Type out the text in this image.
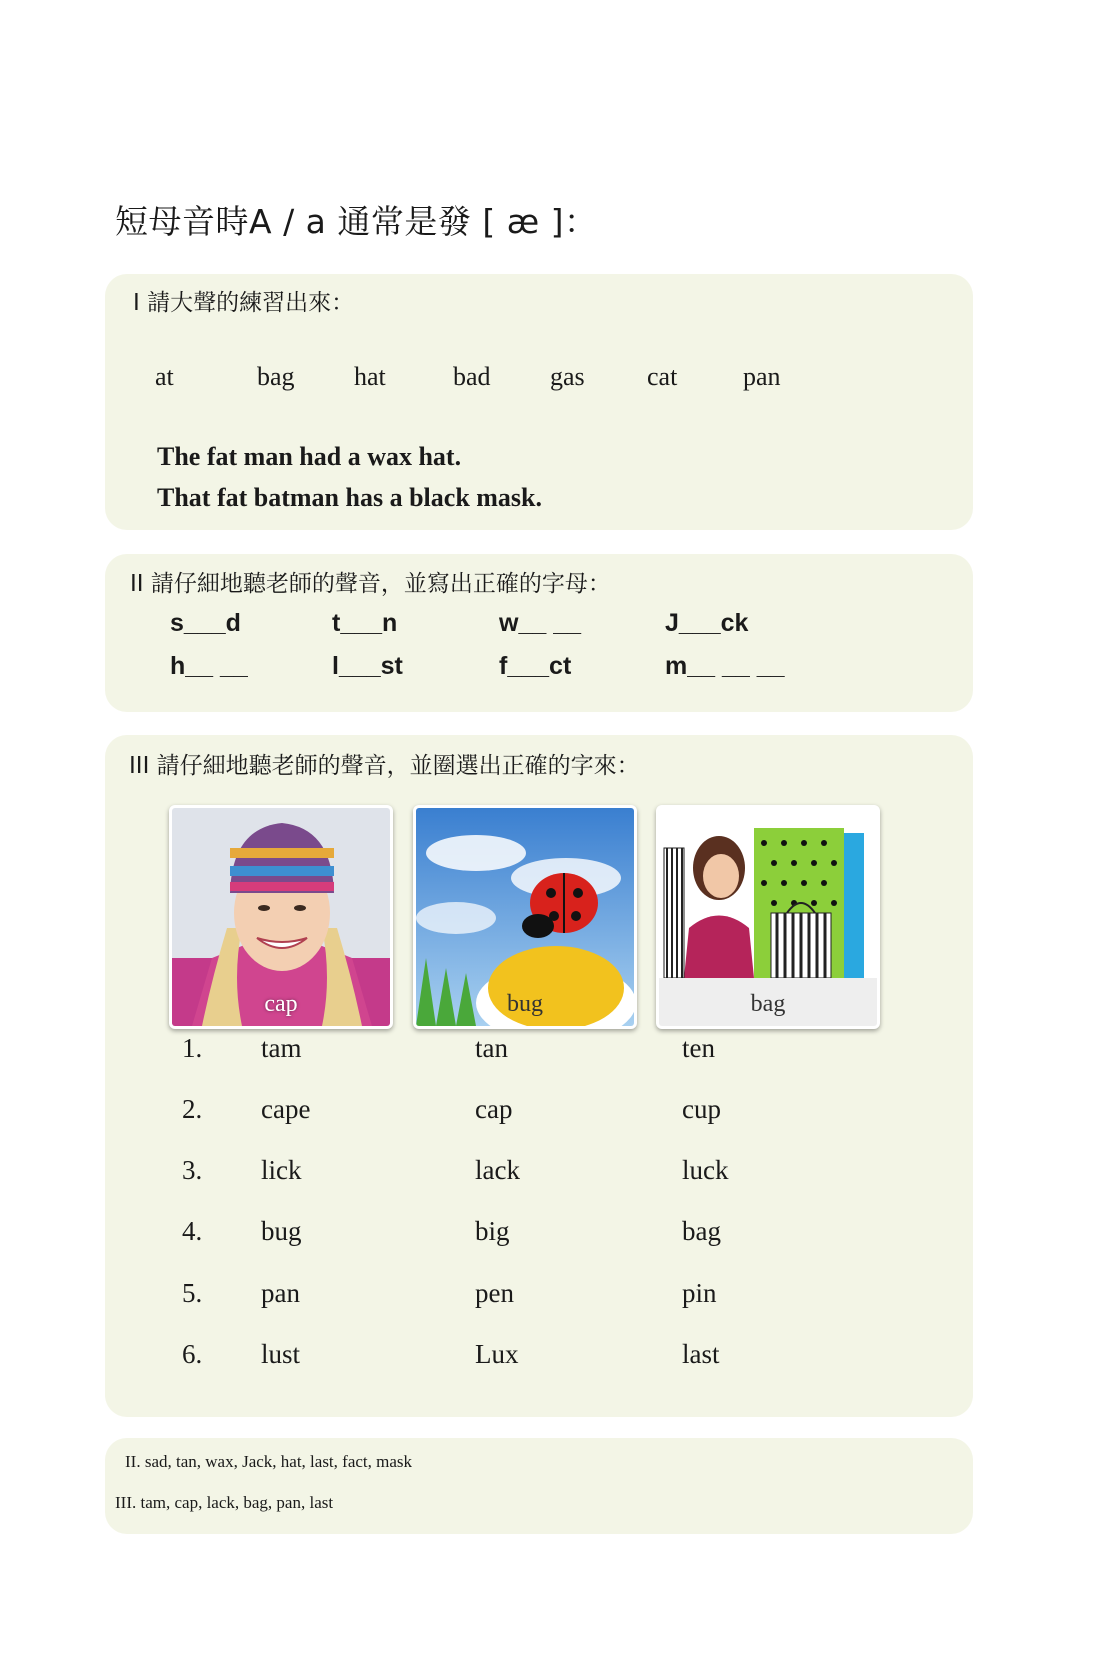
短母音時A / a 通常是發 [ æ ]：
I 請大聲的練習出來：
at	bag hat	bad gas cat	pan
The fat man had a wax hat.
That fat batman has a black mask.
II 請仔細地聽老師的聲音，並寫出正確的字母：
s___d	t___n	w__ __	J___ck
h__ __	l___st	f___ct	m__ __ __
III 請仔細地聽老師的聲音，並圈選出正確的字來：
cap	bug	bag
1. tam	tan	ten
2. cape	cap	cup
3. lick	lack	luck
4. bug	big	bag
5. pan	pen	pin
6. lust	Lux	last
II. sad, tan, wax, Jack, hat, last, fact, mask
III. tam, cap, lack, bag, pan, last
